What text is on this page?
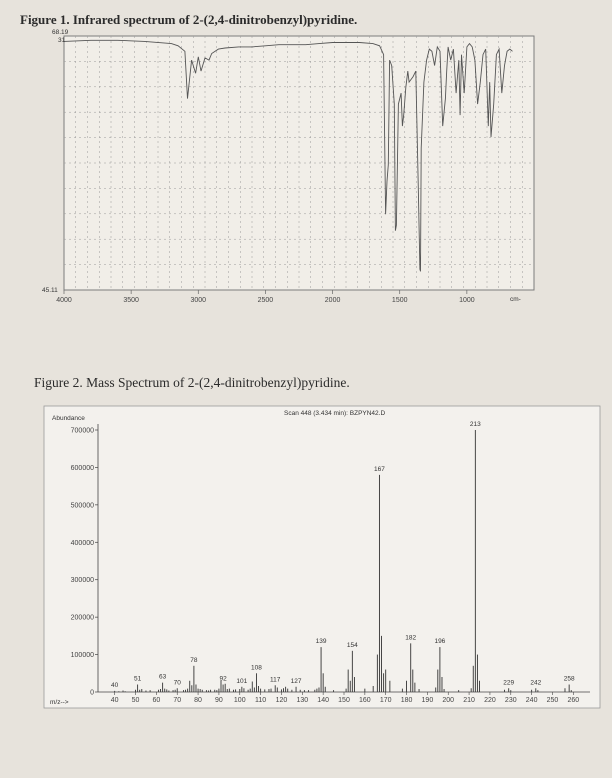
Figure 1. Infrared spectrum of 2-(2,4-dinitrobenzyl)pyridine.
Figure 2. Mass Spectrum of 2-(2,4-dinitrobenzyl)pyridine.
4000	3500	3000	2500	2000	1500	1000
68.19
31
45.11
cm-
Abundance
Scan 448 (3.434 min): BZPYN42.D
m/z-->
0
100000
200000
300000
400000
500000
600000
700000
40 50 60 70 80 90 100 110 120 130 140 150 160 170 180 190 200 210 220 230 240 250 260
40
51	63
70
78
92 101
108
117 127
139
154
167
182
196
213
229 242
258
